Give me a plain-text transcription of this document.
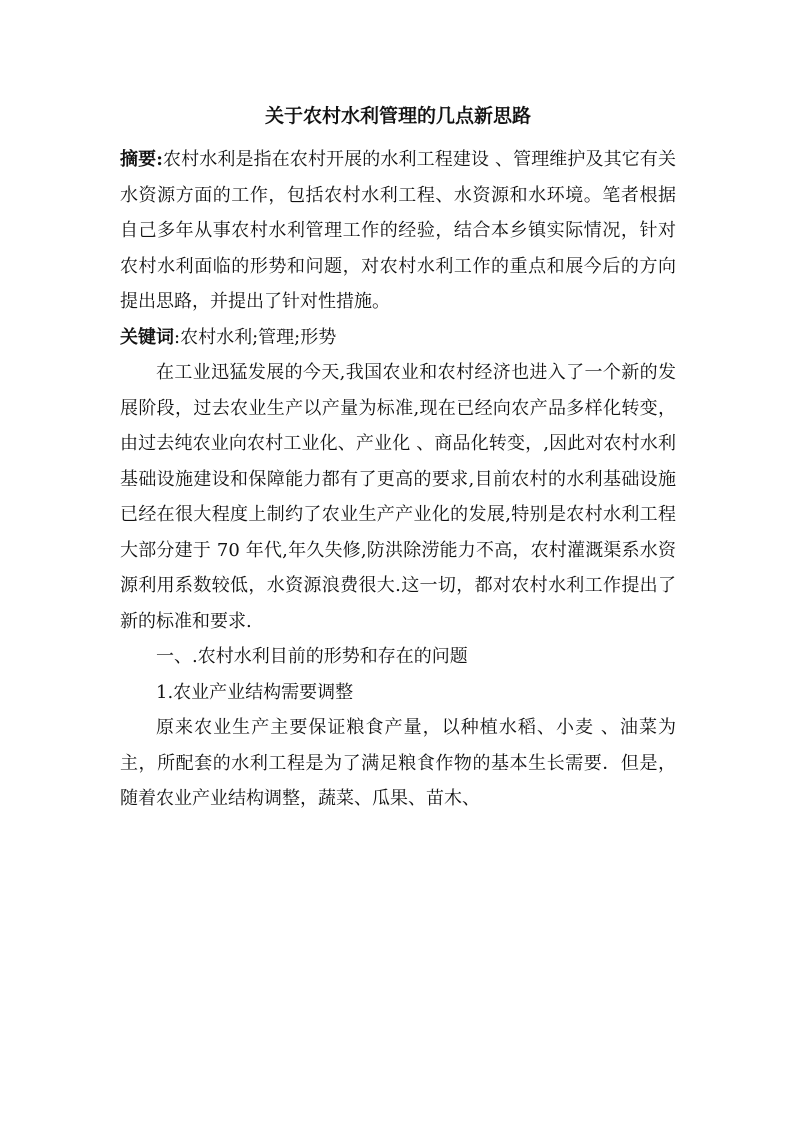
关于农村水利管理的几点新思路

摘要:农村水利是指在农村开展的水利工程建设 、管理维护及其它有关水资源方面的工作，包括农村水利工程、水资源和水环境。笔者根据自己多年从事农村水利管理工作的经验，结合本乡镇实际情况，针对农村水利面临的形势和问题，对农村水利工作的重点和展今后的方向提出思路，并提出了针对性措施。

关键词:农村水利;管理;形势

在工业迅猛发展的今天,我国农业和农村经济也进入了一个新的发展阶段，过去农业生产以产量为标准,现在已经向农产品多样化转变，由过去纯农业向农村工业化、产业化 、商品化转变，,因此对农村水利基础设施建设和保障能力都有了更高的要求,目前农村的水利基础设施已经在很大程度上制约了农业生产产业化的发展,特别是农村水利工程大部分建于 70 年代,年久失修,防洪除涝能力不高，农村灌溉渠系水资源利用系数较低，水资源浪费很大.这一切，都对农村水利工作提出了新的标准和要求.

一、.农村水利目前的形势和存在的问题

1.农业产业结构需要调整

原来农业生产主要保证粮食产量，以种植水稻、小麦 、油菜为主，所配套的水利工程是为了满足粮食作物的基本生长需要．但是，随着农业产业结构调整，蔬菜、瓜果、苗木、
